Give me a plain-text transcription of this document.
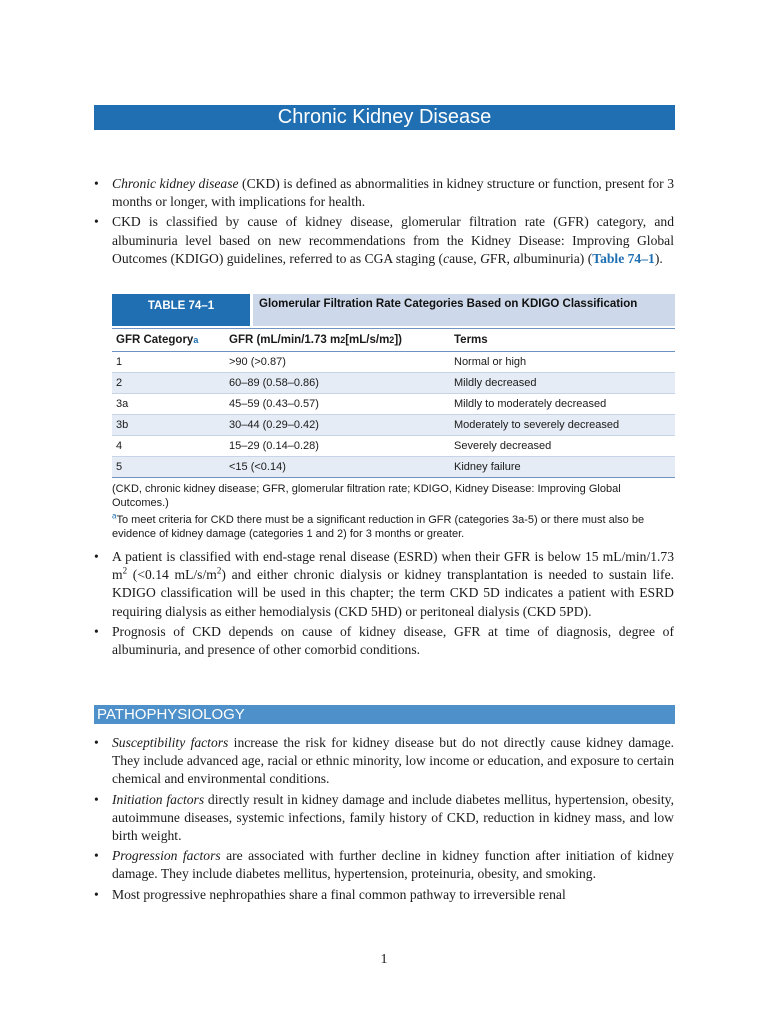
Chronic Kidney Disease
• Chronic kidney disease (CKD) is defined as abnormalities in kidney structure or function, present for 3 months or longer, with implications for health.
• CKD is classified by cause of kidney disease, glomerular filtration rate (GFR) category, and albuminuria level based on new recommendations from the Kidney Disease: Improving Global Outcomes (KDIGO) guidelines, referred to as CGA staging (cause, GFR, albuminuria) (Table 74–1).
TABLE 74–1	Glomerular Filtration Rate Categories Based on KDIGO Classification
GFR Category a	GFR (mL/min/1.73 m 2 [mL/s/m 2 ])	Terms
1	>90 (>0.87)	Normal or high
2	60–89 (0.58–0.86)	Mildly decreased
3a	45–59 (0.43–0.57)	Mildly to moderately decreased
3b	30–44 (0.29–0.42)	Moderately to severely decreased
4	15–29 (0.14–0.28)	Severely decreased
5	<15 (<0.14)	Kidney failure
(CKD, chronic kidney disease; GFR, glomerular filtration rate; KDIGO, Kidney Disease: Improving Global Outcomes.)
$^a$To meet criteria for CKD there must be a significant reduction in GFR (categories 3a-5) or there must also be evidence of kidney damage (categories 1 and 2) for 3 months or greater.
• A patient is classified with end-stage renal disease (ESRD) when their GFR is below 15 mL/min/1.73 $m^2$ (<0.14 $mL/s/m^2$) and either chronic dialysis or kidney transplantation is needed to sustain life. KDIGO classification will be used in this chapter; the term CKD 5D indicates a patient with ESRD requiring dialysis as either hemodialysis (CKD 5HD) or peritoneal dialysis (CKD 5PD).
• Prognosis of CKD depends on cause of kidney disease, GFR at time of diagnosis, degree of albuminuria, and presence of other comorbid conditions.
PATHOPHYSIOLOGY
• Susceptibility factors increase the risk for kidney disease but do not directly cause kidney damage. They include advanced age, racial or ethnic minority, low income or education, and exposure to certain chemical and environmental conditions.
• Initiation factors directly result in kidney damage and include diabetes mellitus, hypertension, obesity, autoimmune diseases, systemic infections, family history of CKD, reduction in kidney mass, and low birth weight.
• Progression factors are associated with further decline in kidney function after initiation of kidney damage. They include diabetes mellitus, hypertension, proteinuria, obesity, and smoking.
• Most progressive nephropathies share a final common pathway to irreversible renal
1
